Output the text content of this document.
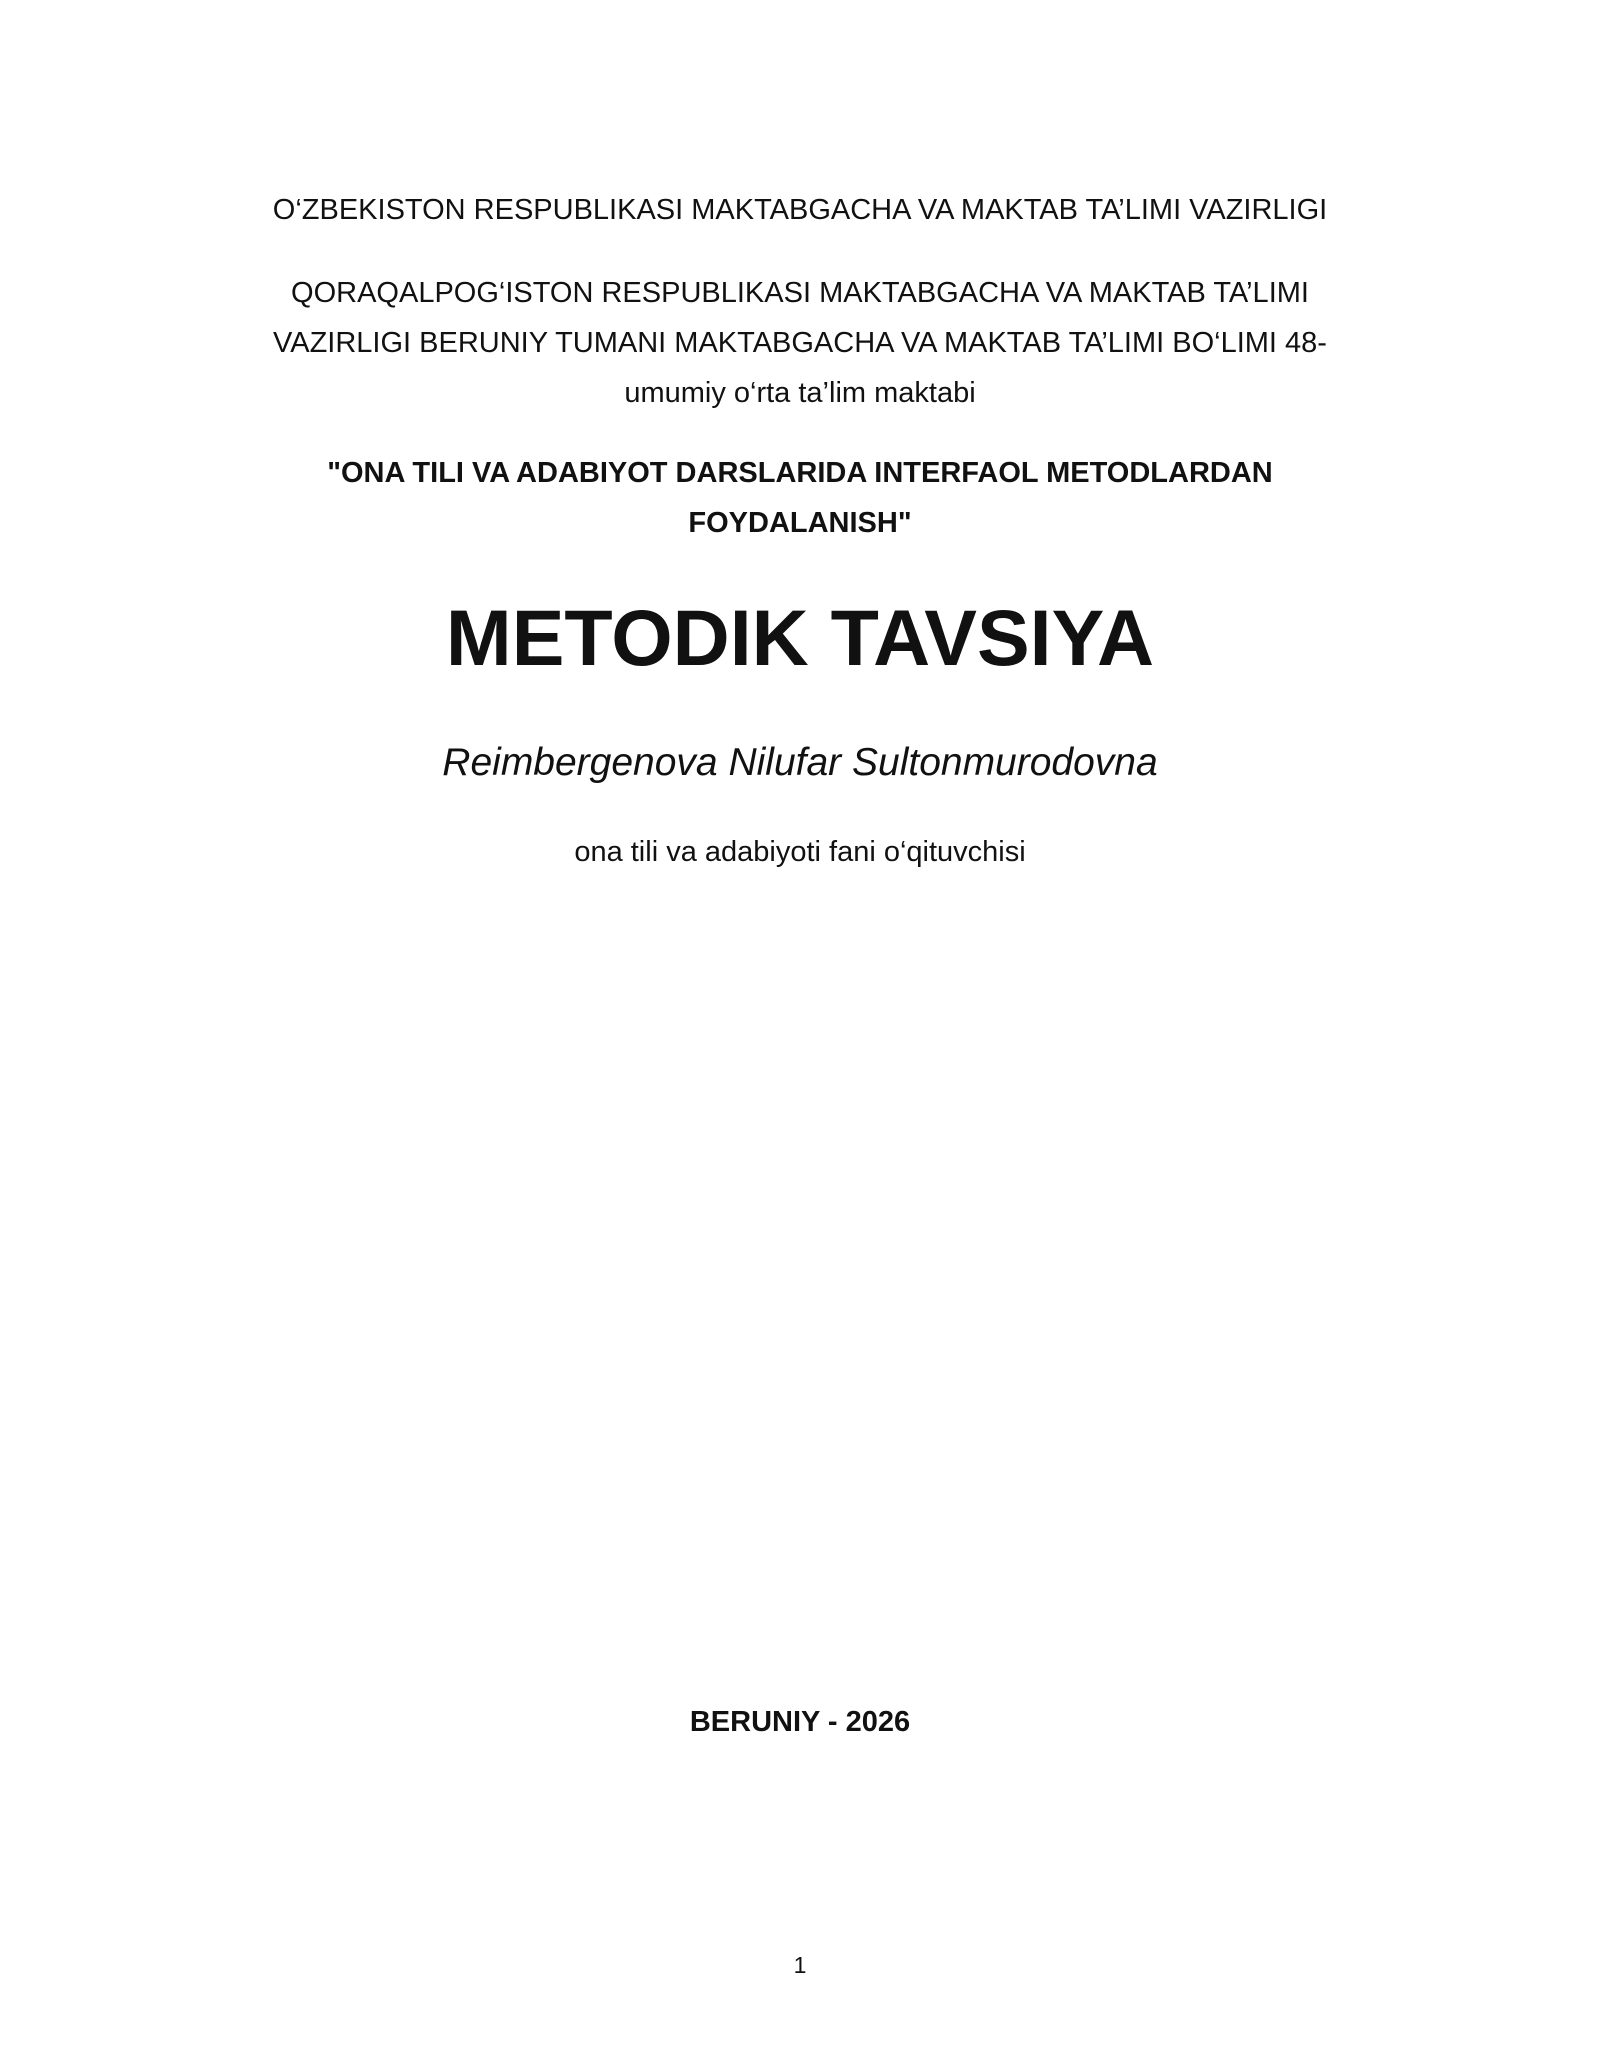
O‘ZBEKISTON RESPUBLIKASI MAKTABGACHA VA MAKTAB TA’LIMI VAZIRLIGI
QORAQALPOG‘ISTON RESPUBLIKASI MAKTABGACHA VA MAKTAB TA’LIMI
VAZIRLIGI BERUNIY TUMANI MAKTABGACHA VA MAKTAB TA’LIMI BO‘LIMI 48-
umumiy o‘rta ta’lim maktabi
"ONA TILI VA ADABIYOT DARSLARIDA INTERFAOL METODLARDAN
FOYDALANISH"
METODIK TAVSIYA
Reimbergenova Nilufar Sultonmurodovna
ona tili va adabiyoti fani o‘qituvchisi
BERUNIY - 2026
1
